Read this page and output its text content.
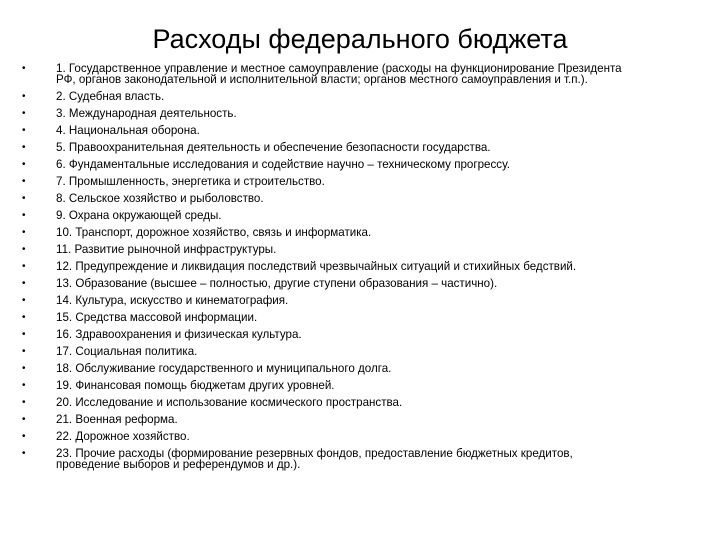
Расходы федерального бюджета
•	1. Государственное управление и местное самоуправление (расходы на функционирование Президента РФ, органов законодательной и исполнительной власти; органов местного самоуправления и т.п.).
•	2. Судебная власть.
•	3. Международная деятельность.
•	4. Национальная оборона.
•	5. Правоохранительная деятельность и обеспечение безопасности государства.
•	6. Фундаментальные исследования и содействие научно – техническому прогрессу.
•	7. Промышленность, энергетика и строительство.
•	8. Сельское хозяйство и рыболовство.
•	9. Охрана окружающей среды.
•	10. Транспорт, дорожное хозяйство, связь и информатика.
•	11. Развитие рыночной инфраструктуры.
•	12. Предупреждение и ликвидация последствий чрезвычайных ситуаций и стихийных бедствий.
•	13. Образование (высшее – полностью, другие ступени образования – частично).
•	14. Культура, искусство и кинематография.
•	15. Средства массовой информации.
•	16. Здравоохранения и физическая культура.
•	17. Социальная политика.
•	18. Обслуживание государственного и муниципального долга.
•	19. Финансовая помощь бюджетам других уровней.
•	20. Исследование и использование космического пространства.
•	21. Военная реформа.
•	22. Дорожное хозяйство.
•	23. Прочие расходы (формирование резервных фондов, предоставление бюджетных кредитов, проведение выборов и референдумов и др.).
